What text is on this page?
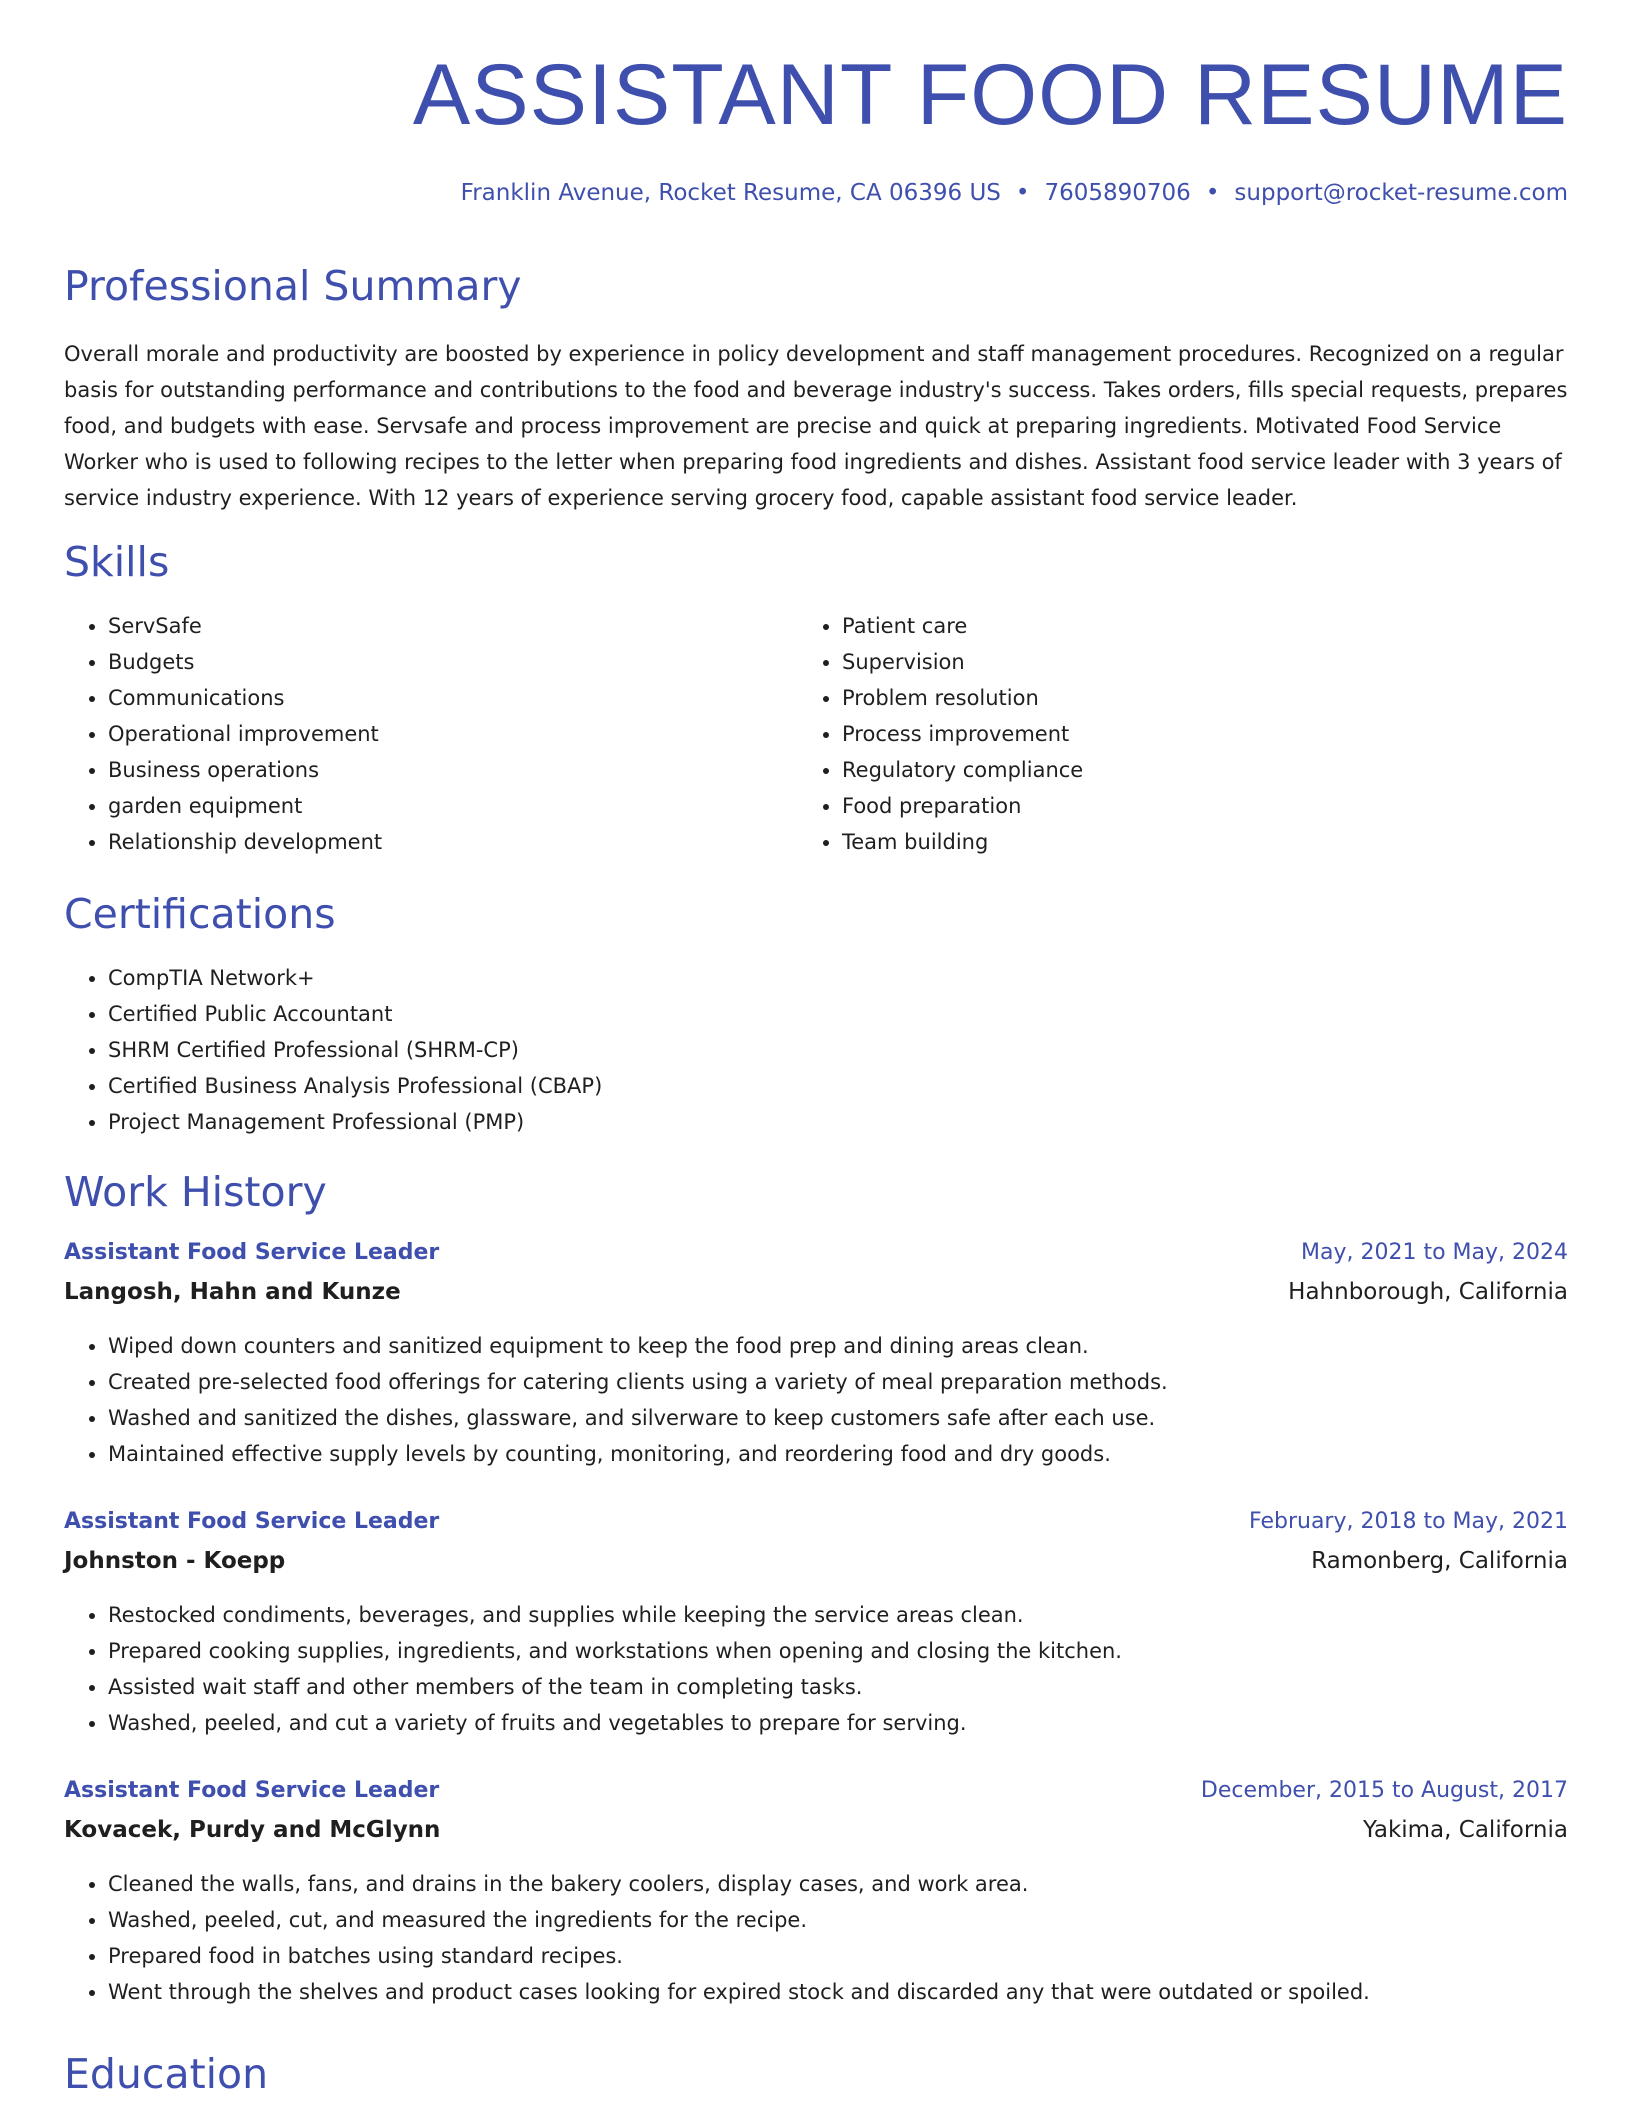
ASSISTANT FOOD RESUME
Franklin Avenue, Rocket Resume, CA 06396 US • 7605890706 • support@rocket-resume.com
Professional Summary

Overall morale and productivity are boosted by experience in policy development and staff management procedures. Recognized on a regular basis for outstanding performance and contributions to the food and beverage industry's success. Takes orders, fills special requests, prepares food, and budgets with ease. Servsafe and process improvement are precise and quick at preparing ingredients. Motivated Food Service Worker who is used to following recipes to the letter when preparing food ingredients and dishes. Assistant food service leader with 3 years of service industry experience. With 12 years of experience serving grocery food, capable assistant food service leader.

Skills
• ServSafe
• Budgets
• Communications
• Operational improvement
• Business operations
• garden equipment
• Relationship development
• Patient care
• Supervision
• Problem resolution
• Process improvement
• Regulatory compliance
• Food preparation
• Team building
Certifications
• CompTIA Network+
• Certified Public Accountant
• SHRM Certified Professional (SHRM-CP)
• Certified Business Analysis Professional (CBAP)
• Project Management Professional (PMP)
Work History
Assistant Food Service Leader	May, 2021 to May, 2024
Langosh, Hahn and Kunze	Hahnborough, California
• Wiped down counters and sanitized equipment to keep the food prep and dining areas clean.
• Created pre-selected food offerings for catering clients using a variety of meal preparation methods.
• Washed and sanitized the dishes, glassware, and silverware to keep customers safe after each use.
• Maintained effective supply levels by counting, monitoring, and reordering food and dry goods.
Assistant Food Service Leader	February, 2018 to May, 2021
Johnston - Koepp	Ramonberg, California
• Restocked condiments, beverages, and supplies while keeping the service areas clean.
• Prepared cooking supplies, ingredients, and workstations when opening and closing the kitchen.
• Assisted wait staff and other members of the team in completing tasks.
• Washed, peeled, and cut a variety of fruits and vegetables to prepare for serving.
Assistant Food Service Leader	December, 2015 to August, 2017
Kovacek, Purdy and McGlynn	Yakima, California
• Cleaned the walls, fans, and drains in the bakery coolers, display cases, and work area.
• Washed, peeled, cut, and measured the ingredients for the recipe.
• Prepared food in batches using standard recipes.
• Went through the shelves and product cases looking for expired stock and discarded any that were outdated or spoiled.
Education
